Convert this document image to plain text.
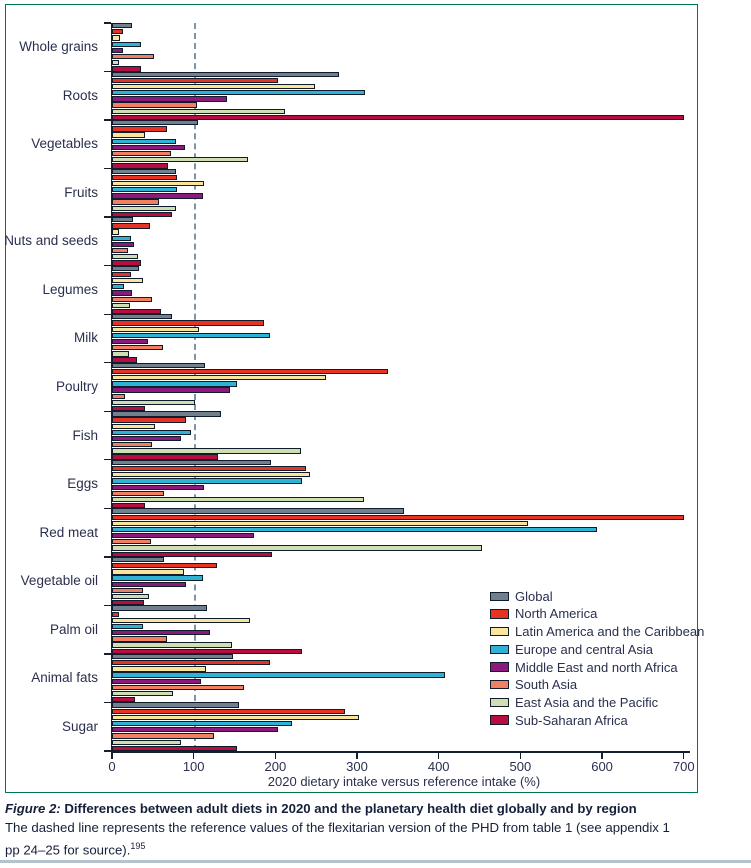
Whole grains
Roots
Vegetables
Fruits
Nuts and seeds
Legumes
Milk
Poultry
Fish
Eggs
Red meat
Vegetable oil
Palm oil
Animal fats
Sugar
Global
North America
Latin America and the Caribbean
Europe and central Asia
Middle East and north Africa
South Asia
East Asia and the Pacific
Sub-Saharan Africa
0	100	200	300	400	500	600	700
2020 dietary intake versus reference intake (%)

Figure 2: Differences between adult diets in 2020 and the planetary health diet globally and by region

The dashed line represents the reference values of the flexitarian version of the PHD from table 1 (see appendix 1
pp 24–25 for source).$^{195}$
